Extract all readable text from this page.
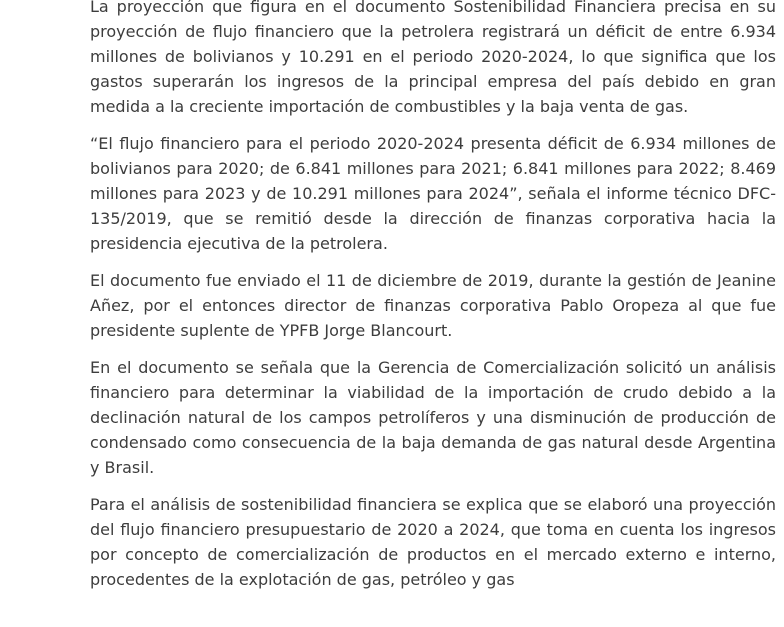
La proyección que figura en el documento Sostenibilidad Financiera precisa en su proyección de flujo financiero que la petrolera registrará un déficit de entre 6.934 millones de bolivianos y 10.291 en el periodo 2020-2024, lo que significa que los gastos superarán los ingresos de la principal empresa del país debido en gran medida a la creciente importación de combustibles y la baja venta de gas.

“El flujo financiero para el periodo 2020-2024 presenta déficit de 6.934 millones de bolivianos para 2020; de 6.841 millones para 2021; 6.841 millones para 2022; 8.469 millones para 2023 y de 10.291 millones para 2024”, señala el informe técnico DFC-135/2019, que se remitió desde la dirección de finanzas corporativa hacia la presidencia ejecutiva de la petrolera.

El documento fue enviado el 11 de diciembre de 2019, durante la gestión de Jeanine Añez, por el entonces director de finanzas corporativa Pablo Oropeza al que fue presidente suplente de YPFB Jorge Blancourt.

En el documento se señala que la Gerencia de Comercialización solicitó un análisis financiero para determinar la viabilidad de la importación de crudo debido a la declinación natural de los campos petrolíferos y una disminución de producción de condensado como consecuencia de la baja demanda de gas natural desde Argentina y Brasil.

Para el análisis de sostenibilidad financiera se explica que se elaboró una proyección del flujo financiero presupuestario de 2020 a 2024, que toma en cuenta los ingresos por concepto de comercialización de productos en el mercado externo e interno, procedentes de la explotación de gas, petróleo y gas
